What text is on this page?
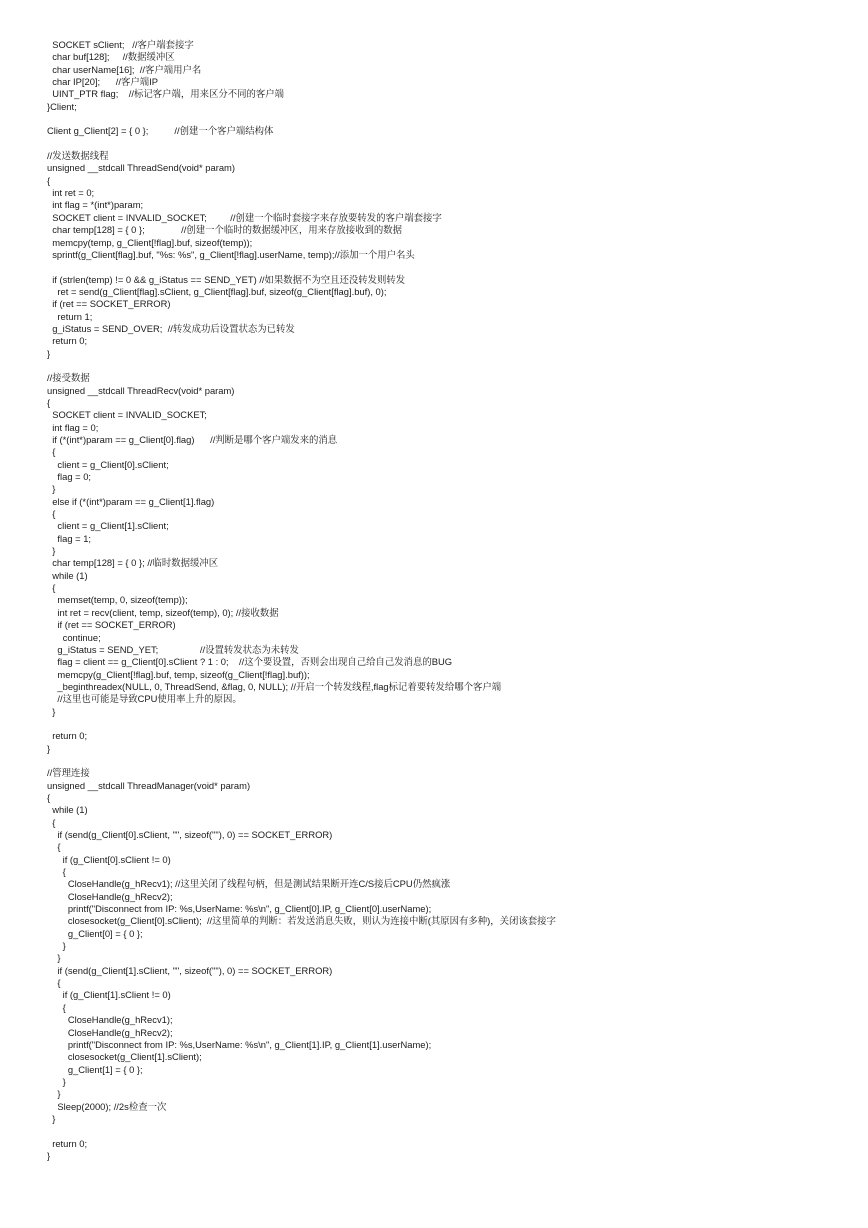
SOCKET sClient;   //客户端套接字
char buf[128];     //数据缓冲区
char userName[16];  //客户端用户名
char IP[20];      //客户端IP
UINT_PTR flag;    //标记客户端，用来区分不同的客户端
}Client;
Client g_Client[2] = { 0 };          //创建一个客户端结构体
//发送数据线程
unsigned __stdcall ThreadSend(void* param)
{
int ret = 0;
int flag = *(int*)param;
SOCKET client = INVALID_SOCKET;         //创建一个临时套接字来存放要转发的客户端套接字
char temp[128] = { 0 };              //创建一个临时的数据缓冲区，用来存放接收到的数据
memcpy(temp, g_Client[!flag].buf, sizeof(temp));
sprintf(g_Client[flag].buf, "%s: %s", g_Client[!flag].userName, temp);//添加一个用户名头
if (strlen(temp) != 0 && g_iStatus == SEND_YET) //如果数据不为空且还没转发则转发
ret = send(g_Client[flag].sClient, g_Client[flag].buf, sizeof(g_Client[flag].buf), 0);
if (ret == SOCKET_ERROR)
return 1;
g_iStatus = SEND_OVER;  //转发成功后设置状态为已转发
return 0;
}
//接受数据
unsigned __stdcall ThreadRecv(void* param)
{
SOCKET client = INVALID_SOCKET;
int flag = 0;
if (*(int*)param == g_Client[0].flag)      //判断是哪个客户端发来的消息
{
client = g_Client[0].sClient;
flag = 0;
}
else if (*(int*)param == g_Client[1].flag)
{
client = g_Client[1].sClient;
flag = 1;
}
char temp[128] = { 0 }; //临时数据缓冲区
while (1)
{
memset(temp, 0, sizeof(temp));
int ret = recv(client, temp, sizeof(temp), 0); //接收数据
if (ret == SOCKET_ERROR)
continue;
g_iStatus = SEND_YET;                //设置转发状态为未转发
flag = client == g_Client[0].sClient ? 1 : 0;    //这个要设置，否则会出现自己给自己发消息的BUG
memcpy(g_Client[!flag].buf, temp, sizeof(g_Client[!flag].buf));
_beginthreadex(NULL, 0, ThreadSend, &flag, 0, NULL); //开启一个转发线程,flag标记着要转发给哪个客户端
//这里也可能是导致CPU使用率上升的原因。
}
return 0;
}
//管理连接
unsigned __stdcall ThreadManager(void* param)
{
while (1)
{
if (send(g_Client[0].sClient, "", sizeof(""), 0) == SOCKET_ERROR)
{
if (g_Client[0].sClient != 0)
{
CloseHandle(g_hRecv1); //这里关闭了线程句柄，但是测试结果断开连C/S接后CPU仍然疯涨
CloseHandle(g_hRecv2);
printf("Disconnect from IP: %s,UserName: %s\n", g_Client[0].IP, g_Client[0].userName);
closesocket(g_Client[0].sClient);  //这里简单的判断：若发送消息失败，则认为连接中断(其原因有多种)，关闭该套接字
g_Client[0] = { 0 };
}
}
if (send(g_Client[1].sClient, "", sizeof(""), 0) == SOCKET_ERROR)
{
if (g_Client[1].sClient != 0)
{
CloseHandle(g_hRecv1);
CloseHandle(g_hRecv2);
printf("Disconnect from IP: %s,UserName: %s\n", g_Client[1].IP, g_Client[1].userName);
closesocket(g_Client[1].sClient);
g_Client[1] = { 0 };
}
}
Sleep(2000); //2s检查一次
}
return 0;
}
